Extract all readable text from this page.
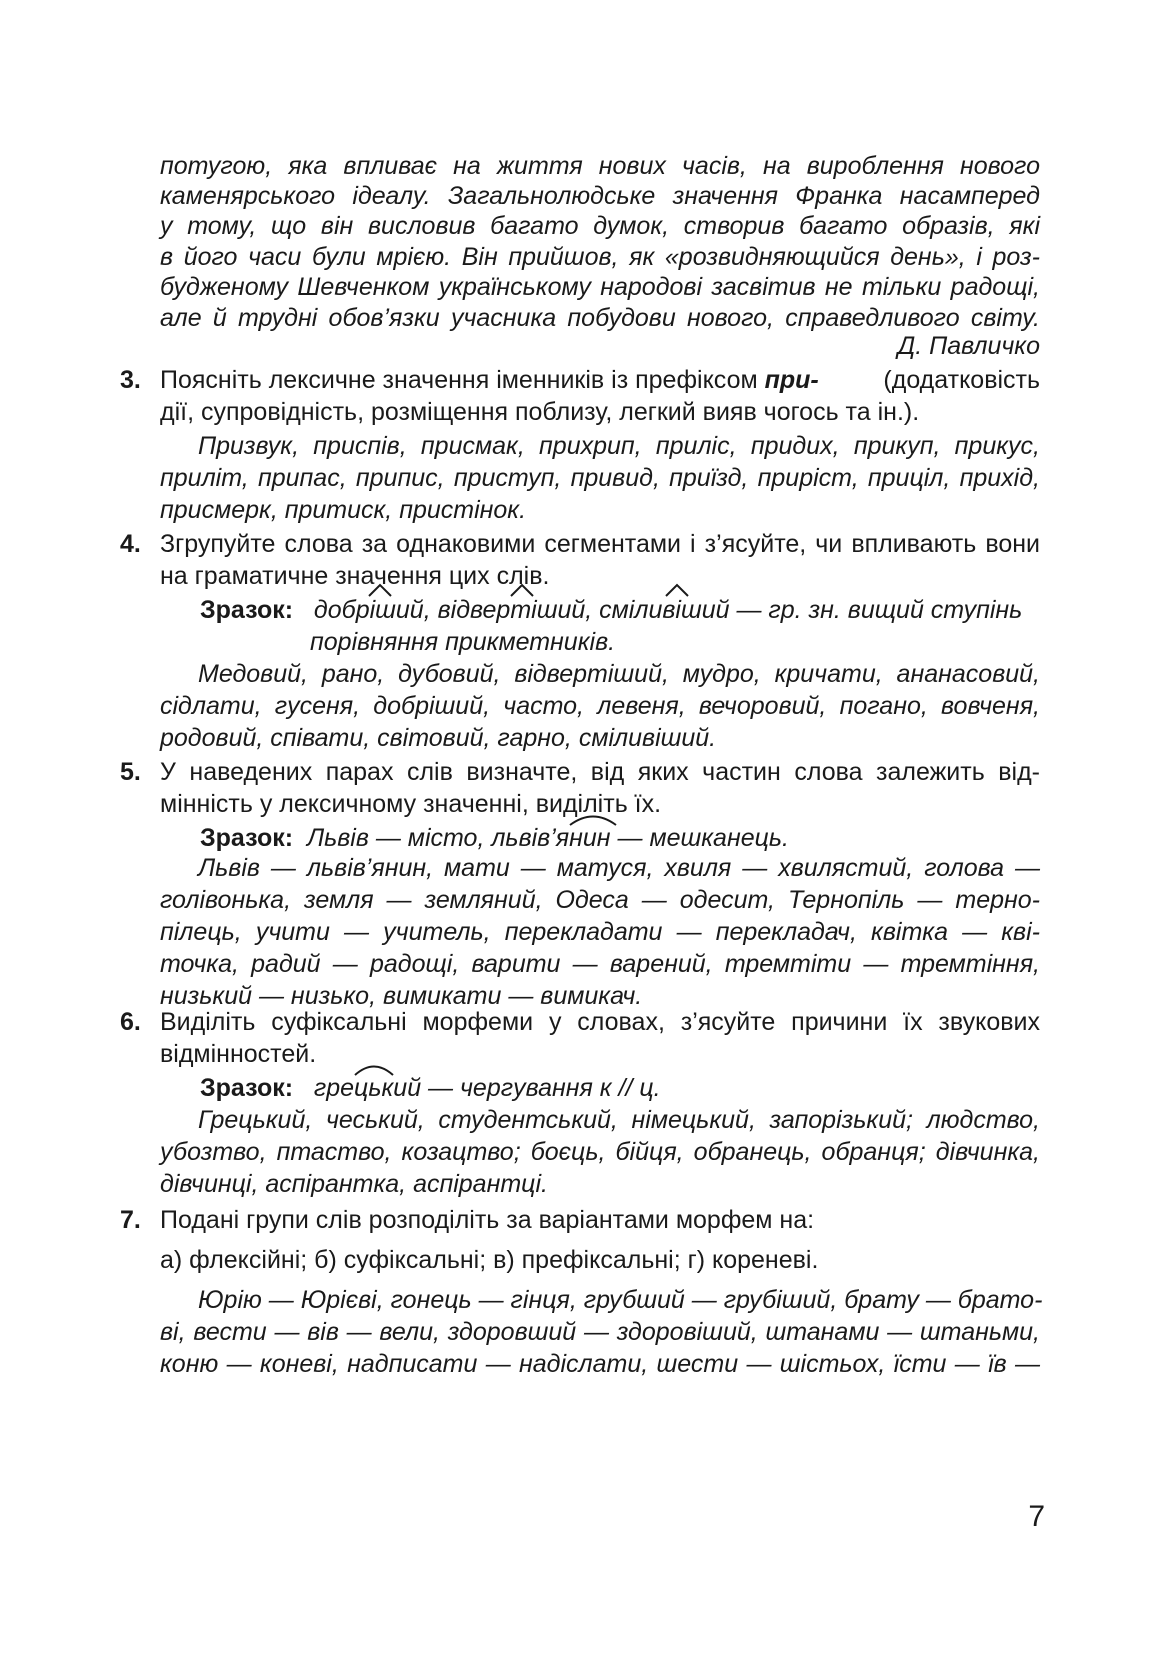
потугою, яка впливає на життя нових часів, на вироблення нового
каменярського ідеалу. Загальнолюдське значення Франка насамперед
у тому, що він висловив багато думок, створив багато образів, які
в його часи були мрією. Він прийшов, як «розвидняющийся день», і роз-
будженому Шевченком українському народові засвітив не тільки радощі,
але й трудні обов’язки учасника побудови нового, справедливого світу.
Д. Павличко
3. Поясніть лексичне значення іменників із префіксом при-	(додатковість
дії, супровідність, розміщення поблизу, легкий вияв чогось та ін.).
Призвук, приспів, присмак, прихрип, приліс, придих, прикуп, прикус,
приліт, припас, припис, приступ, привид, приїзд, приріст, приціл, прихід,
присмерк, притиск, пристінок.
4. Згрупуйте слова за однаковими сегментами і з’ясуйте, чи впливають вони
на граматичне значення цих слів.
Зразок: добріший, відвертіший, сміливіший — гр. зн. вищий ступінь
порівняння прикметників.
Медовий, рано, дубовий, відвертіший, мудро, кричати, ананасовий,
сідлати, гусеня, добріший, часто, левеня, вечоровий, погано, вовченя,
родовий, співати, світовий, гарно, сміливіший.
5. У наведених парах слів визначте, від яких частин слова залежить від-
мінність у лексичному значенні, виділіть їх.
Зразок: Львів — місто, львів’янин — мешканець.
Львів — львів’янин, мати — матуся, хвиля — хвилястий, голова —
голівонька, земля — земляний, Одеса — одесит, Тернопіль — терно-
пілець, учити — учитель, перекладати — перекладач, квітка — кві-
точка, радий — радощі, варити — варений, тремтіти — тремтіння,
низький — низько, вимикати — вимикач.
6. Виділіть суфіксальні морфеми у словах, з’ясуйте причини їх звукових
відмінностей.
Зразок: грецький — чергування к // ц.
Грецький, чеський, студентський, німецький, запорізький; людство,
убозтво, птаство, козацтво; боєць, бійця, обранець, обранця; дівчинка,
дівчинці, аспірантка, аспірантці.
7. Подані групи слів розподіліть за варіантами морфем на:
а) флексійні; б) суфіксальні; в) префіксальні; г) кореневі.
Юрію — Юрієві, гонець — гінця, грубший — грубіший, брату — брато-
ві, вести — вів — вели, здоровший — здоровіший, штанами — штаньми,
коню — коневі, надписати — надіслати, шести — шістьох, їсти — їв —
7
